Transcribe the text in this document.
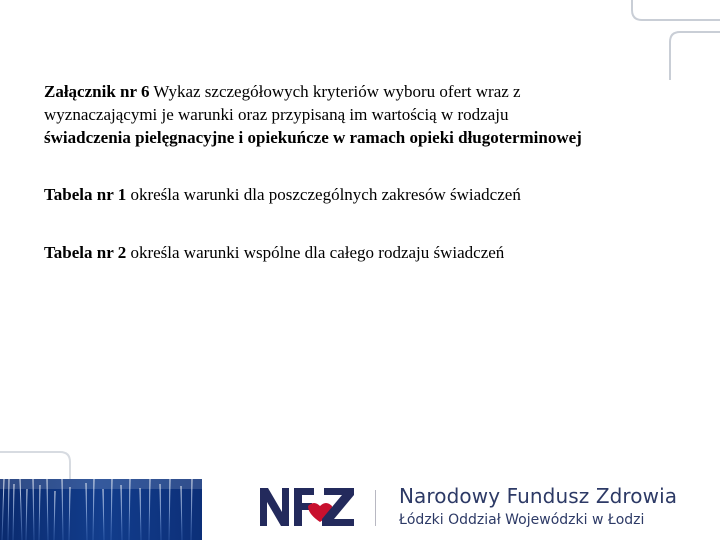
Załącznik nr 6 Wykaz szczegółowych kryteriów wyboru ofert wraz z
wyznaczającymi je warunki oraz przypisaną im wartością w rodzaju
świadczenia pielęgnacyjne i opiekuńcze w ramach opieki długoterminowej

Tabela nr 1 określa warunki dla poszczególnych zakresów świadczeń

Tabela nr 2 określa warunki wspólne dla całego rodzaju świadczeń

Narodowy Fundusz Zdrowia
Łódzki Oddział Wojewódzki w Łodzi
